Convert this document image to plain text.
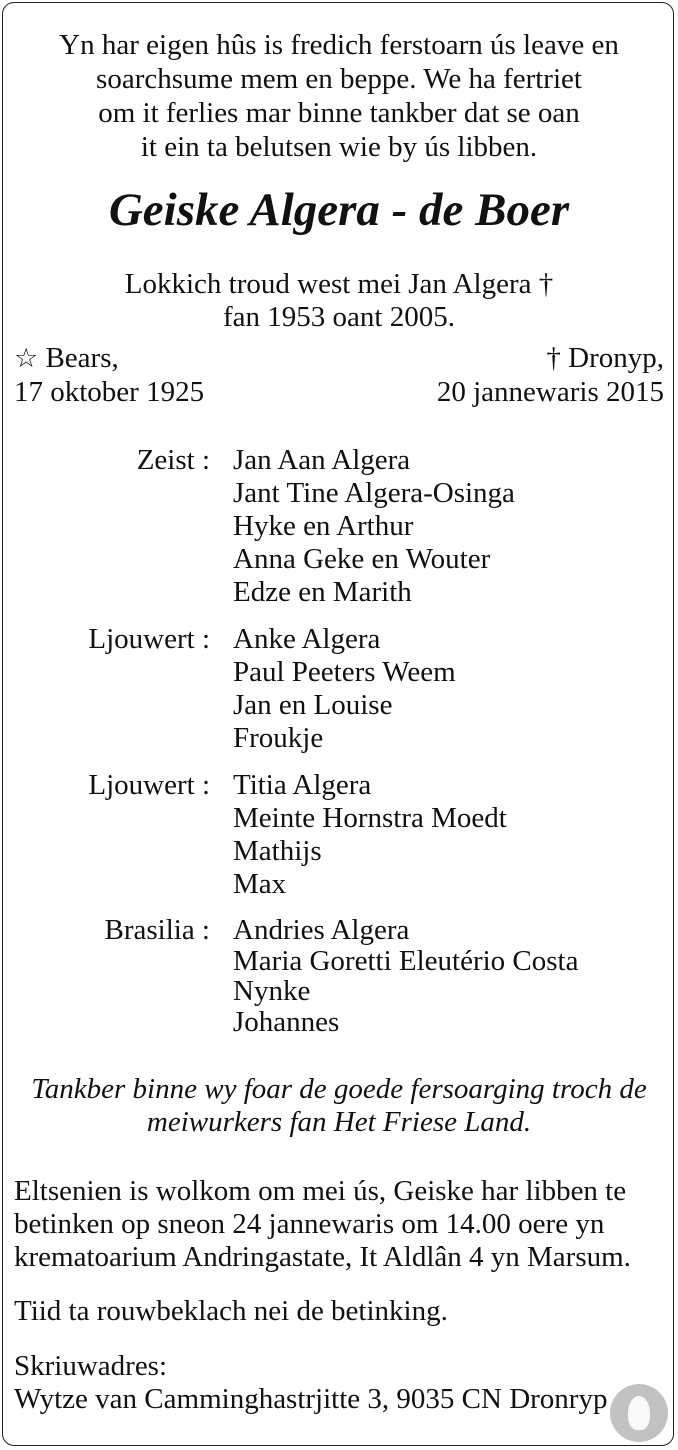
Yn har eigen hûs is fredich ferstoarn ús leave en
soarchsume mem en beppe. We ha fertriet
om it ferlies mar binne tankber dat se oan
it ein ta belutsen wie by ús libben.
Geiske Algera - de Boer
Lokkich troud west mei Jan Algera †
fan 1953 oant 2005.
☆ Bears,
17 oktober 1925
† Dronyp,
20 jannewaris 2015
Zeist : Jan Aan Algera
Jant Tine Algera-Osinga
Hyke en Arthur
Anna Geke en Wouter
Edze en Marith
Ljouwert : Anke Algera
Paul Peeters Weem
Jan en Louise
Froukje
Ljouwert : Titia Algera
Meinte Hornstra Moedt
Mathijs
Max
Brasilia : Andries Algera
Maria Goretti Eleutério Costa
Nynke
Johannes
Tankber binne wy foar de goede fersoarging troch de
meiwurkers fan Het Friese Land.
Eltsenien is wolkom om mei ús, Geiske har libben te
betinken op sneon 24 jannewaris om 14.00 oere yn
krematoarium Andringastate, It Aldlân 4 yn Marsum.
Tiid ta rouwbeklach nei de betinking.
Skriuwadres:
Wytze van Camminghastrjitte 3, 9035 CN Dronryp
